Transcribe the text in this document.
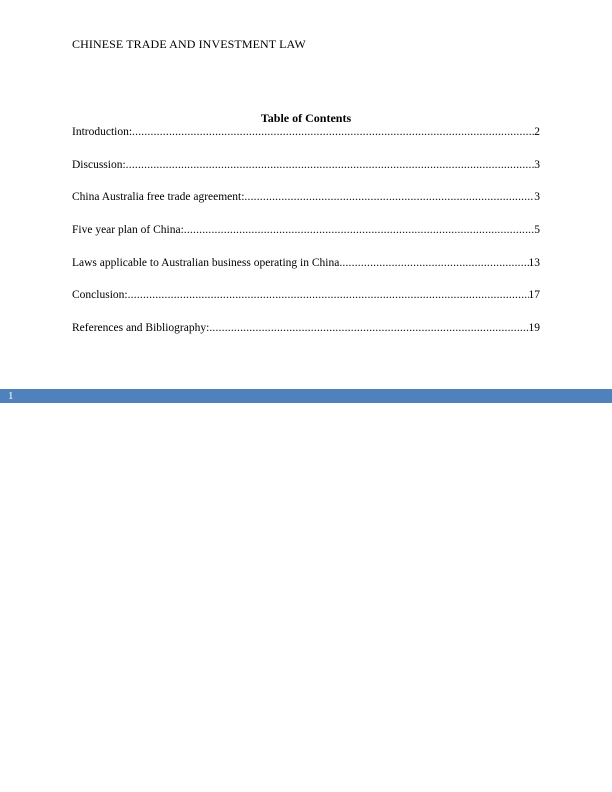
CHINESE TRADE AND INVESTMENT LAW
Table of Contents
Introduction: .....	2
Discussion: .....	3
China Australia free trade agreement: .....	3
Five year plan of China: .....	5
Laws applicable to Australian business operating in China .....	13
Conclusion: .....	17
References and Bibliography: .....	19
1
